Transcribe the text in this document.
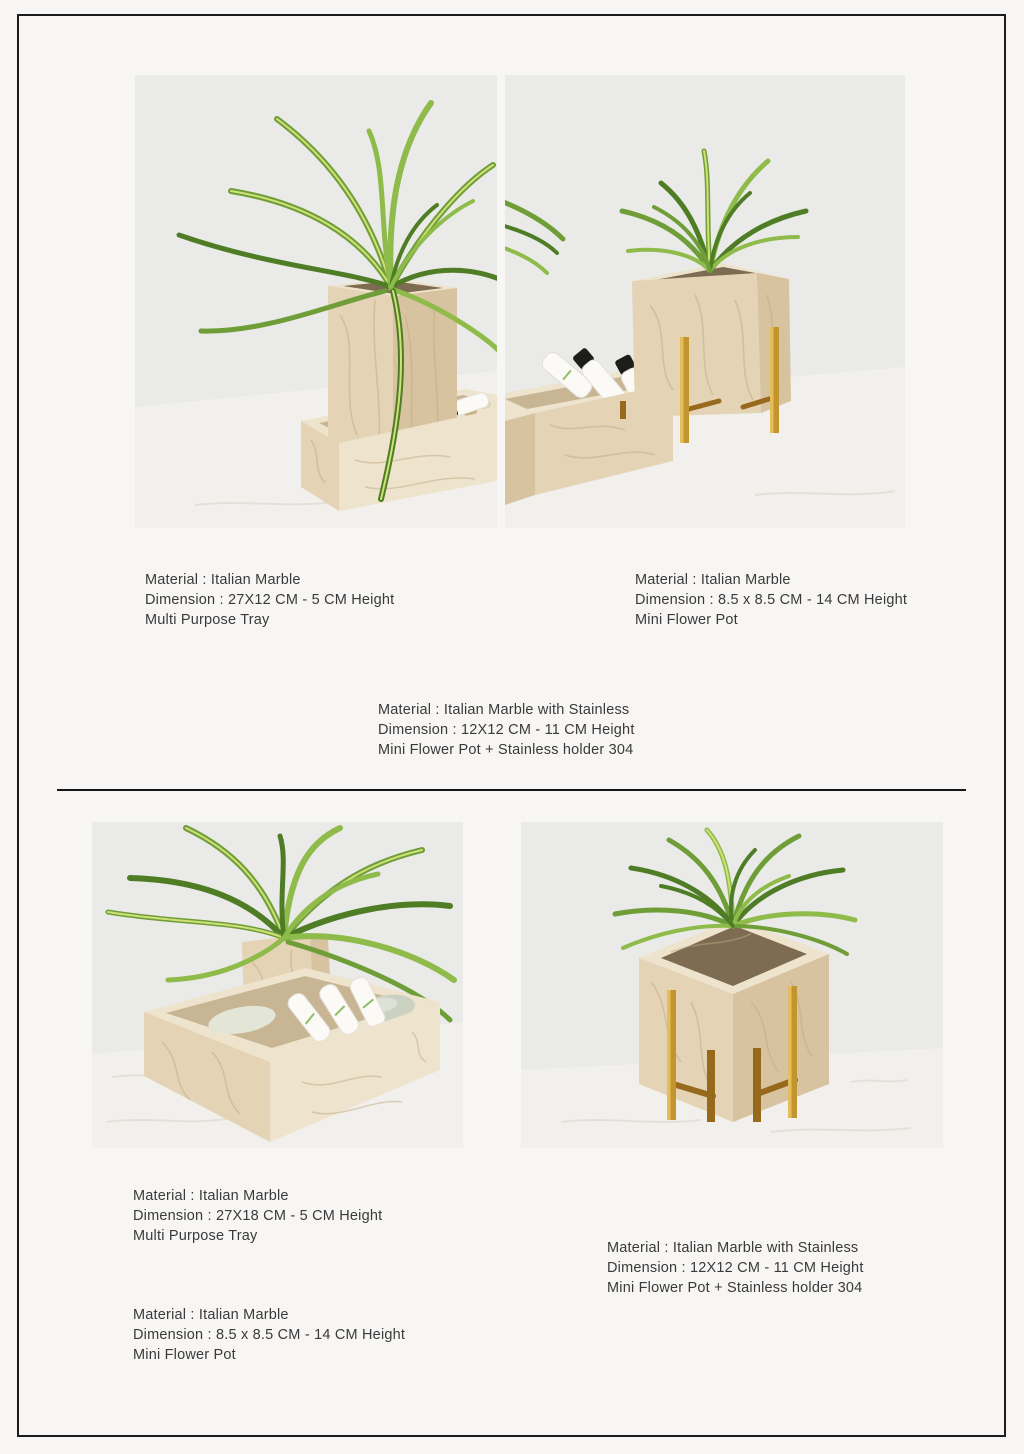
Material : Italian Marble

Dimension : 27X12 CM - 5 CM Height

Multi Purpose Tray

Material : Italian Marble

Dimension : 8.5 x 8.5 CM - 14 CM Height

Mini Flower Pot

Material : Italian Marble with Stainless

Dimension : 12X12 CM - 11 CM Height

Mini Flower Pot + Stainless holder 304

Material : Italian Marble

Dimension : 27X18 CM - 5 CM Height

Multi Purpose Tray

Material : Italian Marble with Stainless

Dimension : 12X12 CM - 11 CM Height

Mini Flower Pot + Stainless holder 304

Material : Italian Marble

Dimension : 8.5 x 8.5 CM - 14 CM Height

Mini Flower Pot
